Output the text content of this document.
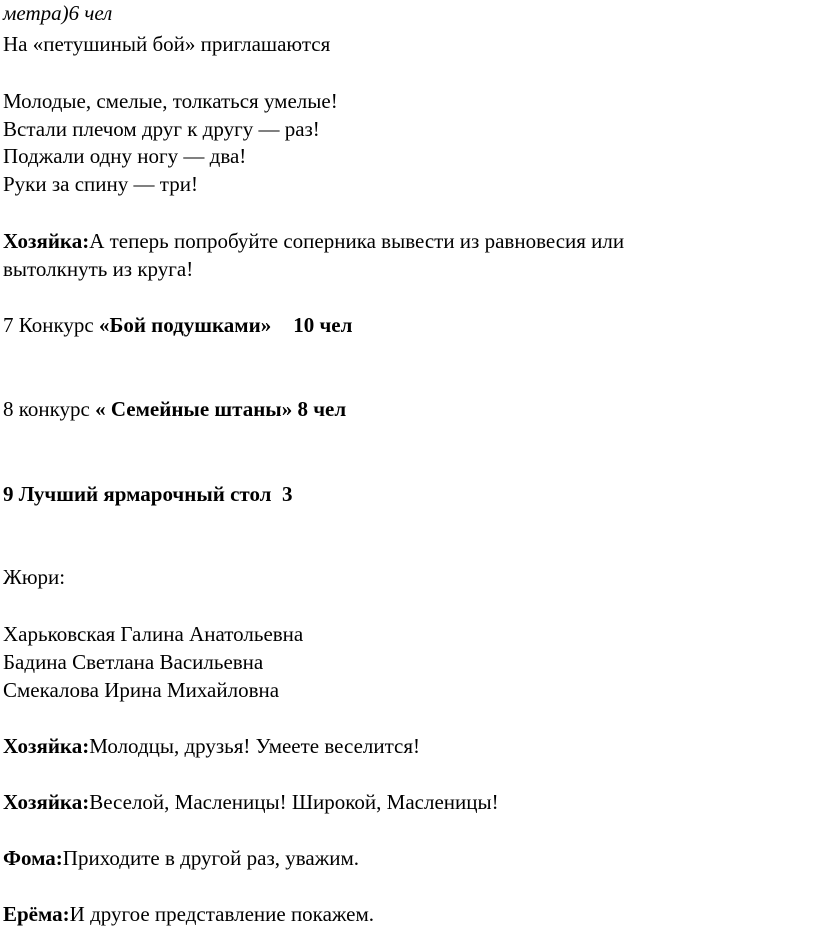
метра)6 чел
На «петушиный бой» приглашаются
Молодые, смелые, толкаться умелые!
Встали плечом друг к другу — раз!
Поджали одну ногу — два!
Руки за спину — три!
Хозяйка:А теперь попробуйте соперника вывести из равновесия или
вытолкнуть из круга!
7 Конкурс «Бой подушками» 10 чел
8 конкурс « Семейные штаны» 8 чел
9 Лучший ярмарочный стол  3
Жюри:
Харьковская Галина Анатольевна
Бадина Светлана Васильевна
Смекалова Ирина Михайловна
Хозяйка:Молодцы, друзья! Умеете веселится!
Хозяйка:Веселой, Масленицы! Широкой, Масленицы!
Фома:Приходите в другой раз, уважим.
Ерёма:И другое представление покажем.
